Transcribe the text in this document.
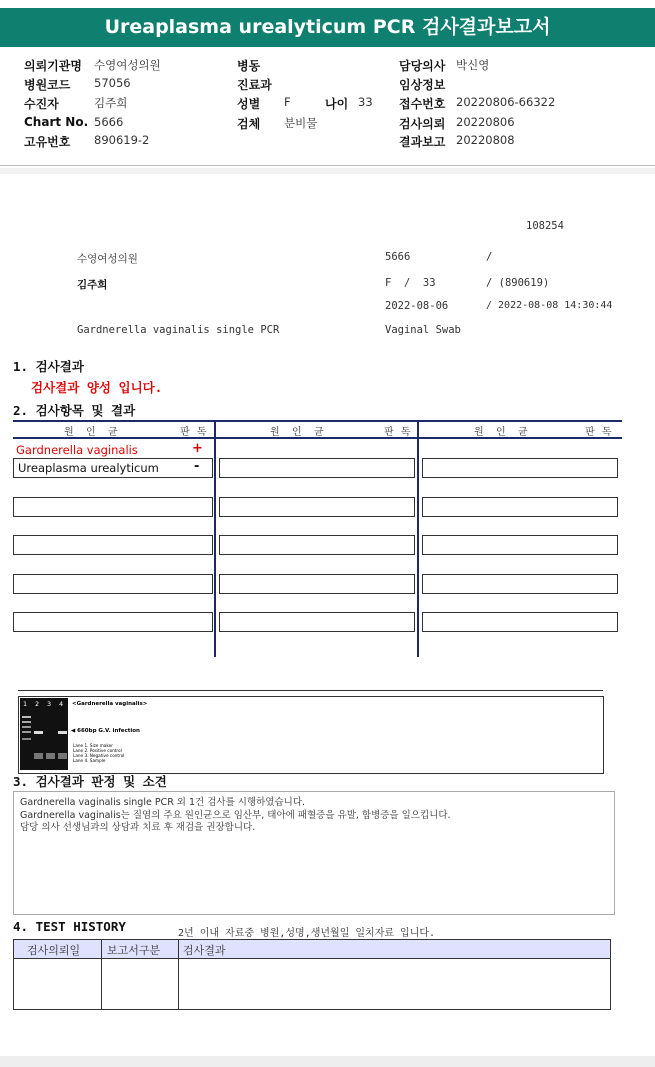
Ureaplasma urealyticum PCR 검사결과보고서
의뢰기관명 수영여성의원
병원코드 57056
수진자	김주희
Chart No. 5666
고유번호 890619-2
병동
진료과
성별 F	나이 33
검체 분비물
담당의사 박신영
임상정보
접수번호 20220806-66322
검사의뢰 20220806
결과보고 20220808
108254
수영여성의원	5666	/
김주희	F  /  33	/ (890619)
2022-08-06	/ 2022-08-08 14:30:44
Gardnerella vaginalis single PCR	Vaginal Swab
1. 검사결과
검사결과 양성 입니다.
2. 검사항목 및 결과
원  인  균	판 독	원  인  균	판 독	원  인  균	판 독
Gardnerella vaginalis	+
Ureaplasma urealyticum	-
1 2 3 4 <Gardnerella vaginalis>
◀ 660bp G.V. infection
Lane 1. Size maker
Lane 2. Positive control
Lane 3. Negative control
Lane 4. Sample
3. 검사결과 판정 및 소견
Gardnerella vaginalis single PCR 외 1건 검사를 시행하였습니다.
Gardnerella vaginalis는 질염의 주요 원인균으로 임산부, 태아에 패혈증을 유발, 합병증을 일으킵니다.
담당 의사 선생님과의 상담과 치료 후 재검을 권장합니다.
4. TEST HISTORY	2년 이내 자료중 병원,성명,생년월일 일치자료 입니다.
검사의뢰일 보고서구분 검사결과
